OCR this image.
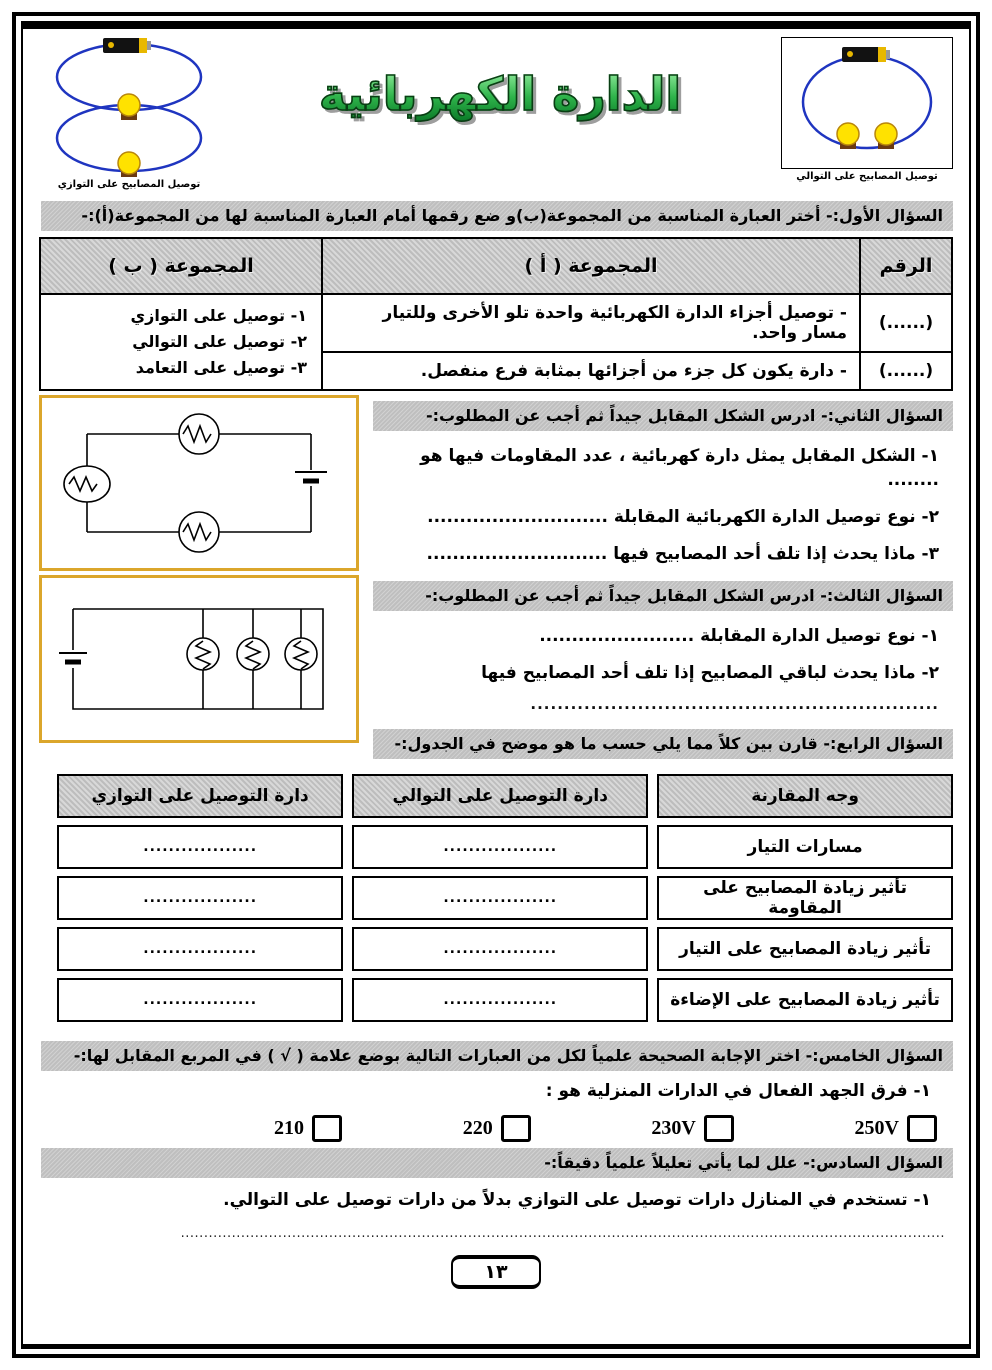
توصيل المصابيح على التوالي
الدارة الكهربائية
توصيل المصابيح على التوازي
السؤال الأول:- أختر العبارة المناسبة من المجموعة(ب)و ضع رقمها أمام العبارة المناسبة لها من المجموعة(أ):-
الرقم	المجموعة ( أ )	المجموعة ( ب )
(......)	- توصيل أجزاء الدارة الكهربائية واحدة تلو الأخرى وللتيار مسار واحد.	١- توصيل على التوازي
٢- توصيل على التوالي
٣- توصيل على التعامد

(......)	- دارة يكون كل جزء من أجزائها بمثابة فرع منفصل.	
السؤال الثاني:- ادرس الشكل المقابل جيداً ثم أجب عن المطلوب:-
١- الشكل المقابل يمثل دارة كهربائية ، عدد المقاومات فيها هو ........
٢- نوع توصيل الدارة الكهربائية المقابلة ............................
٣- ماذا يحدث إذا تلف أحد المصابيح فيها ............................
السؤال الثالث:- ادرس الشكل المقابل جيداً ثم أجب عن المطلوب:-
١- نوع توصيل الدارة المقابلة ........................
٢- ماذا يحدث لباقي المصابيح إذا تلف أحد المصابيح فيها
.............................................................
السؤال الرابع:- قارن بين كلاً مما يلي حسب ما هو موضح في الجدول:-
وجه المقارنة	دارة التوصيل على التوالي	دارة التوصيل على التوازي
مسارات التيار	..................	..................
تأثير زيادة المصابيح على المقاومة	..................	..................
تأثير زيادة المصابيح على التيار	..................	..................
تأثير زيادة المصابيح على الإضاءة	..................	..................
السؤال الخامس:- اختر الإجابة الصحيحة علمياً لكل من العبارات التالية بوضع علامة ( √ ) في المربع المقابل لها:-
١- فرق الجهد الفعال في الدارات المنزلية هو :
250V
230V
220
210
السؤال السادس:- علل لما يأتي تعليلاً علمياً دقيقاً:-
١- تستخدم في المنازل دارات توصيل على التوازي بدلاً من دارات توصيل على التوالي.
.....................................................................................................................................................................
١٣
